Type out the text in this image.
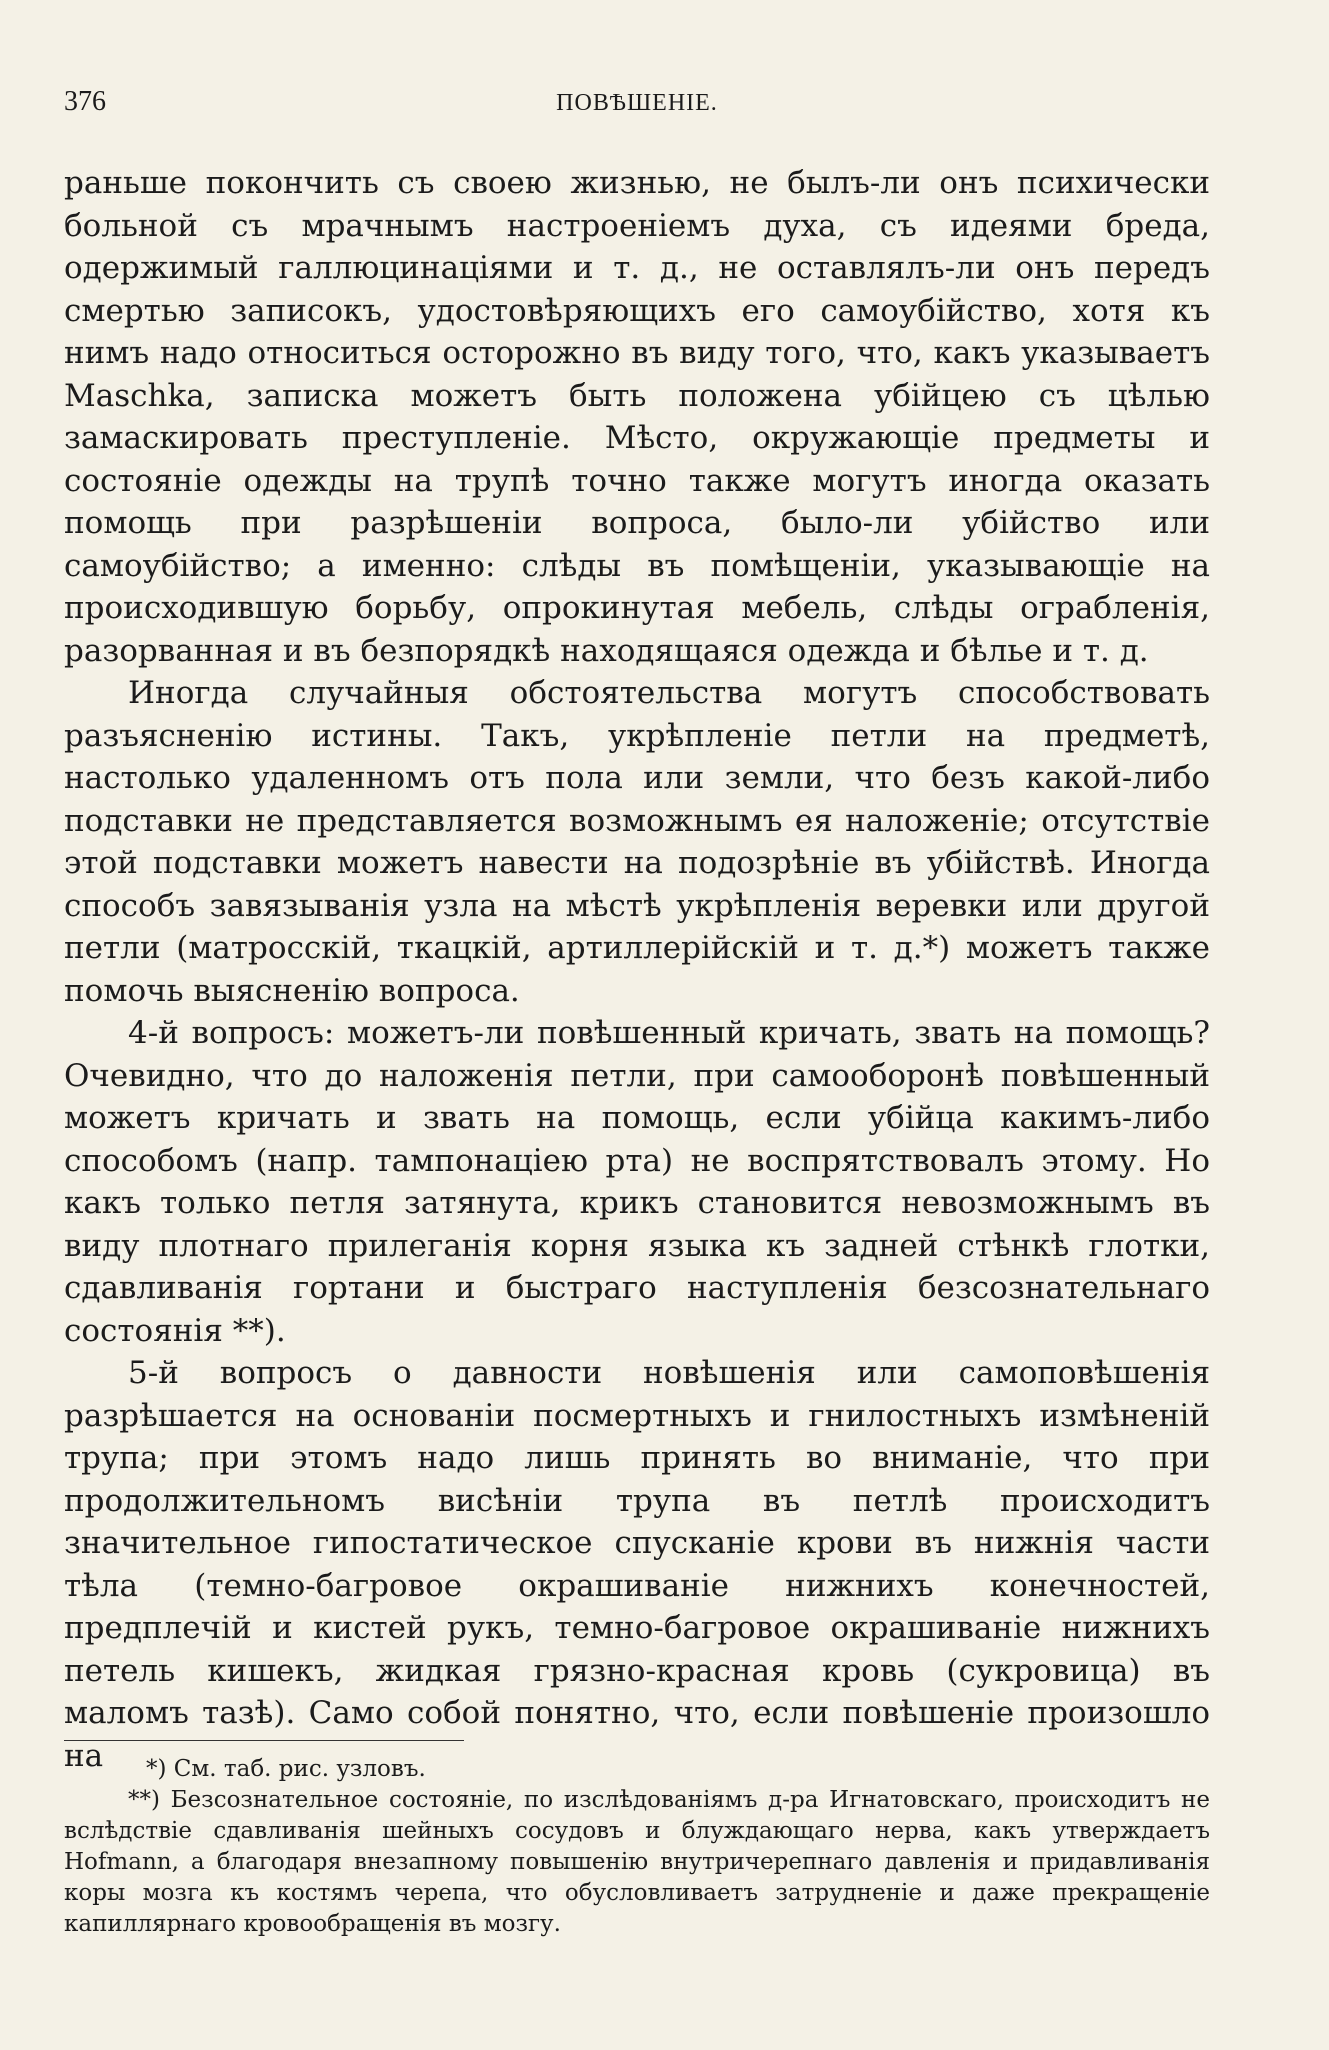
376	ПОВѢШЕНІЕ.

раньше покончить съ своею жизнью, не былъ-ли онъ психически больной съ мрачнымъ настроеніемъ духа, съ идеями бреда, одержимый галлюцинаціями и т. д., не оставлялъ-ли онъ передъ смертью записокъ, удостовѣряющихъ его самоубійство, хотя къ нимъ надо относиться осторожно въ виду того, что, какъ указываетъ Maschka, записка можетъ быть положена убійцею съ цѣлью замаскировать преступленіе. Мѣсто, окружающіе предметы и состояніе одежды на трупѣ точно также могутъ иногда оказать помощь при разрѣшеніи вопроса, было-ли убійство или самоубійство; а именно: слѣды въ помѣщеніи, указывающіе на происходившую борьбу, опрокинутая мебель, слѣды ограбленія, разорванная и въ безпорядкѣ находящаяся одежда и бѣлье и т. д.

Иногда случайныя обстоятельства могутъ способствовать разъясненію истины. Такъ, укрѣпленіе петли на предметѣ, настолько удаленномъ отъ пола или земли, что безъ какой-либо подставки не представляется возможнымъ ея наложеніе; отсутствіе этой подставки можетъ навести на подозрѣніе въ убійствѣ. Иногда способъ завязыванія узла на мѣстѣ укрѣпленія веревки или другой петли (матросскій, ткацкій, артиллерійскій и т. д.*) можетъ также помочь выясненію вопроса.

4-й вопросъ: можетъ-ли повѣшенный кричать, звать на помощь? Очевидно, что до наложенія петли, при самооборонѣ повѣшенный можетъ кричать и звать на помощь, если убійца какимъ-либо способомъ (напр. тампонаціею рта) не воспрятствовалъ этому. Но какъ только петля затянута, крикъ становится невозможнымъ въ виду плотнаго прилеганія корня языка къ задней стѣнкѣ глотки, сдавливанія гортани и быстраго наступленія безсознательнаго состоянія **).

5-й вопросъ о давности новѣшенія или самоповѣшенія разрѣшается на основаніи посмертныхъ и гнилостныхъ измѣненій трупа; при этомъ надо лишь принять во вниманіе, что при продолжительномъ висѣніи трупа въ петлѣ происходитъ значительное гипостатическое спусканіе крови въ нижнія части тѣла (темно-багровое окрашиваніе нижнихъ конечностей, предплечій и кистей рукъ, темно-багровое окрашиваніе нижнихъ петель кишекъ, жидкая грязно-красная кровь (сукровица) въ маломъ тазѣ). Само собой понятно, что, если повѣшеніе произошло на	*) См. таб. рис. узловъ.

**) Безсознательное состояніе, по изслѣдованіямъ д-ра Игнатовскаго, происходитъ не вслѣдствіе сдавливанія шейныхъ сосудовъ и блуждающаго нерва, какъ утверждаетъ Hofmann, а благодаря внезапному повышенію внутричерепнаго давленія и придавливанія коры мозга къ костямъ черепа, что обусловливаетъ затрудненіе и даже прекращеніе капиллярнаго кровообращенія въ мозгу.
